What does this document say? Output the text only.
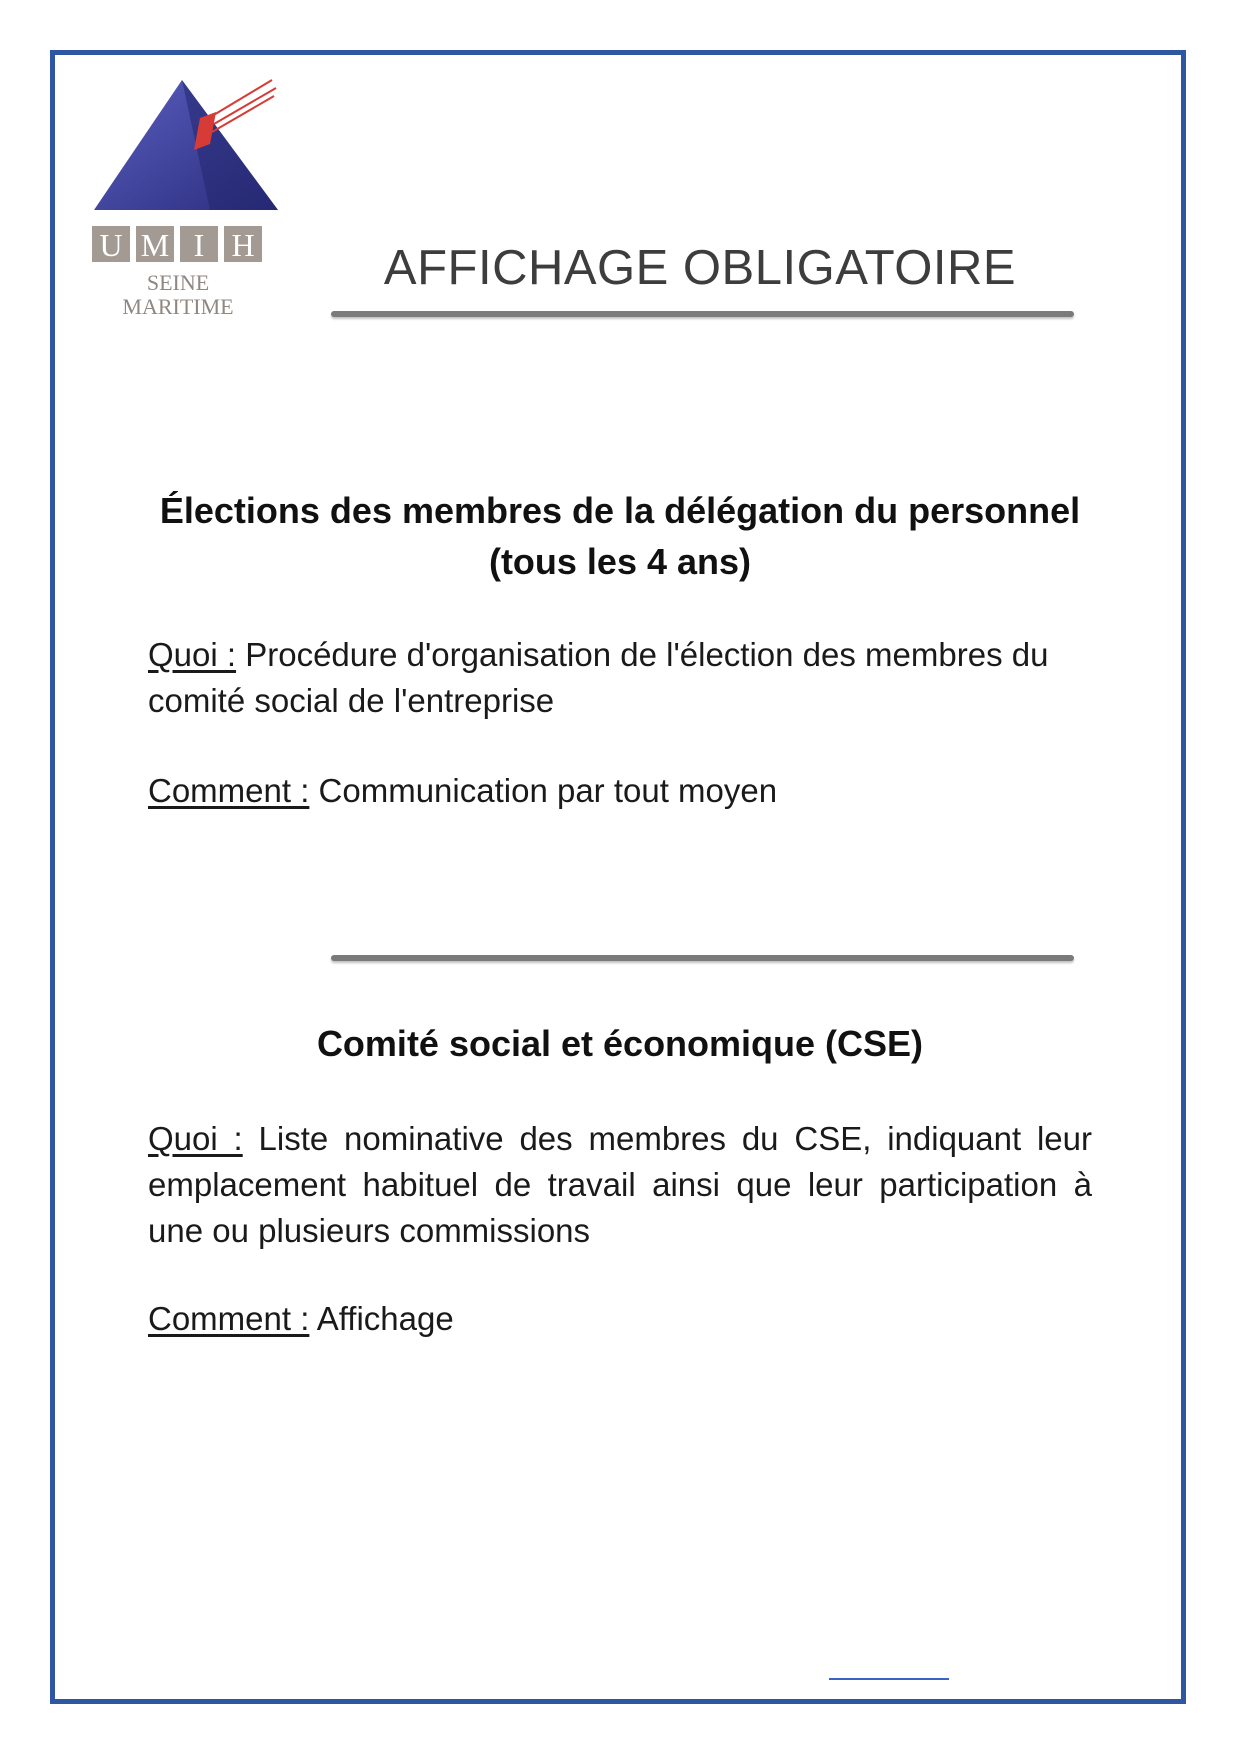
U M I H
SEINE
MARITIME
AFFICHAGE OBLIGATOIRE
Élections des membres de la délégation du personnel
(tous les 4 ans)
Quoi : Procédure d'organisation de l'élection des membres du comité social de l'entreprise
Comment : Communication par tout moyen
Comité social et économique (CSE)
Quoi : Liste nominative des membres du CSE, indiquant leur emplacement habituel de travail ainsi que leur participation à une ou plusieurs commissions
Comment : Affichage
